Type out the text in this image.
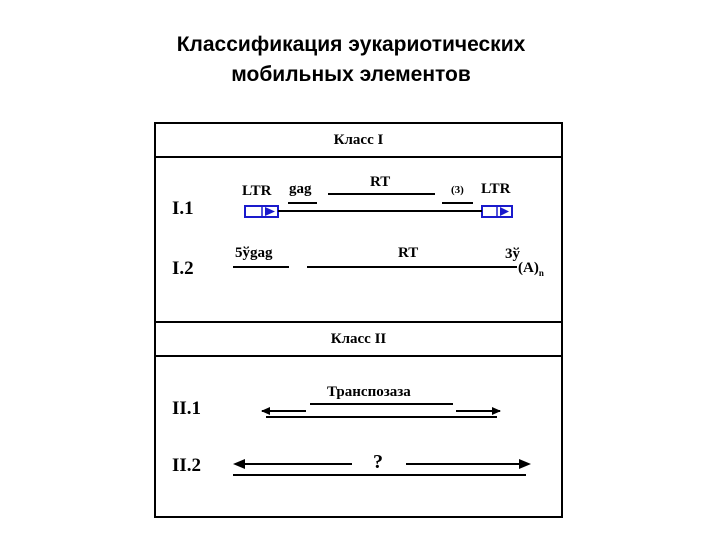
Классификация эукариотических
мобильных элементов
Класс I
Класс II
I.1
LTR gag	RT	(3) LTR
I.2
5ўgag	RT	3ў
$(A)_n$
II.1
Транспозаза
II.2	?
